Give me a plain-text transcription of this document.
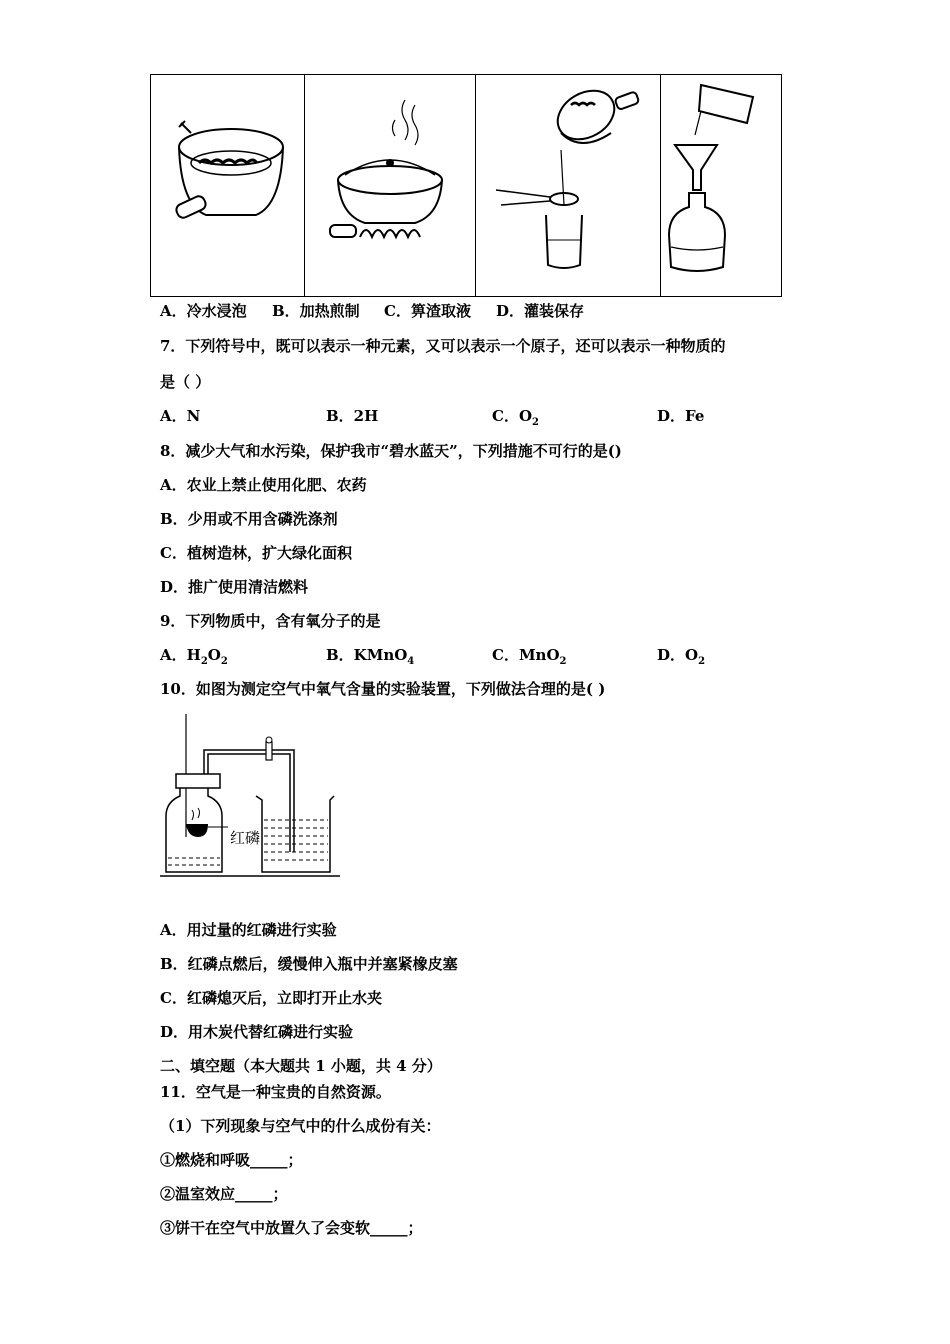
A．冷水浸泡 B．加热煎制 C．箅渣取液 D．灌装保存
7．下列符号中，既可以表示一种元素，又可以表示一个原子，还可以表示一种物质的
是（ ）
A．N	B．2H	C．$O_2$	D．Fe
8．减少大气和水污染，保护我市“碧水蓝天”，下列措施不可行的是()
A．农业上禁止使用化肥、农药
B．少用或不用含磷洗涤剂
C．植树造林，扩大绿化面积
D．推广使用清洁燃料
9．下列物质中，含有氧分子的是
A．$H_2O_2$	B．KMnO$_4$	C．MnO$_2$	D．$O_2$
10．如图为测定空气中氧气含量的实验装置，下列做法合理的是( )
红磷
A．用过量的红磷进行实验
B．红磷点燃后，缓慢伸入瓶中并塞紧橡皮塞
C．红磷熄灭后，立即打开止水夹
D．用木炭代替红磷进行实验
二、填空题（本大题共 1 小题，共 4 分）
11．空气是一种宝贵的自然资源。
（1）下列现象与空气中的什么成份有关：
①燃烧和呼吸_____；
②温室效应_____；
③饼干在空气中放置久了会变软_____；
